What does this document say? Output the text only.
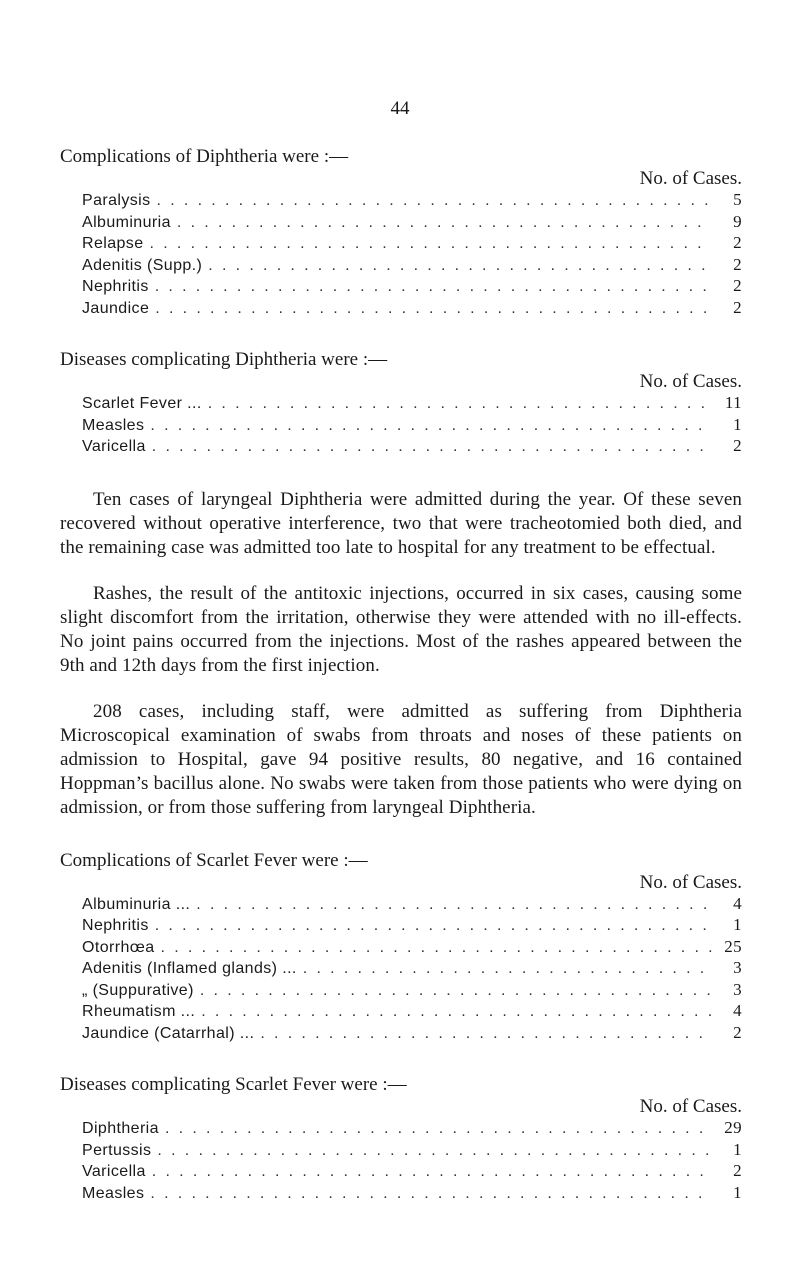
44

Complications of Diphtheria were :—

No. of Cases.

Paralysis . . .	5
Albuminuria . . .	9
Relapse . . .	2
Adenitis (Supp.) . . .	2
Nephritis . . .	2
Jaundice . . .	2

Diseases complicating Diphtheria were :—

No. of Cases.

Scarlet Fever ... . . .	11
Measles . . .	1
Varicella . . .	2

Ten cases of laryngeal Diphtheria were admitted during the year. Of these seven recovered without operative interference, two that were tracheotomied both died, and the remaining case was admitted too late to hospital for any treatment to be effectual.

Rashes, the result of the antitoxic injections, occurred in six cases, causing some slight discomfort from the irritation, otherwise they were attended with no ill-effects. No joint pains occurred from the injections. Most of the rashes appeared between the 9th and 12th days from the first injection.

208 cases, including staff, were admitted as suffering from Diphtheria Microscopical examination of swabs from throats and noses of these patients on admission to Hospital, gave 94 positive results, 80 negative, and 16 contained Hoppman’s bacillus alone. No swabs were taken from those patients who were dying on admission, or from those suffering from laryngeal Diphtheria.

Complications of Scarlet Fever were :—

No. of Cases.

Albuminuria ... . . .	4
Nephritis . . .	1
Otorrhœa . . .	25
Adenitis (Inflamed glands) ... . . .	3
„ (Suppurative) . . .	3
Rheumatism ... . . .	4
Jaundice (Catarrhal) ... . . .	2

Diseases complicating Scarlet Fever were :—

No. of Cases.

Diphtheria . . .	29
Pertussis . . .	1
Varicella . . .	2
Measles . . .	1
